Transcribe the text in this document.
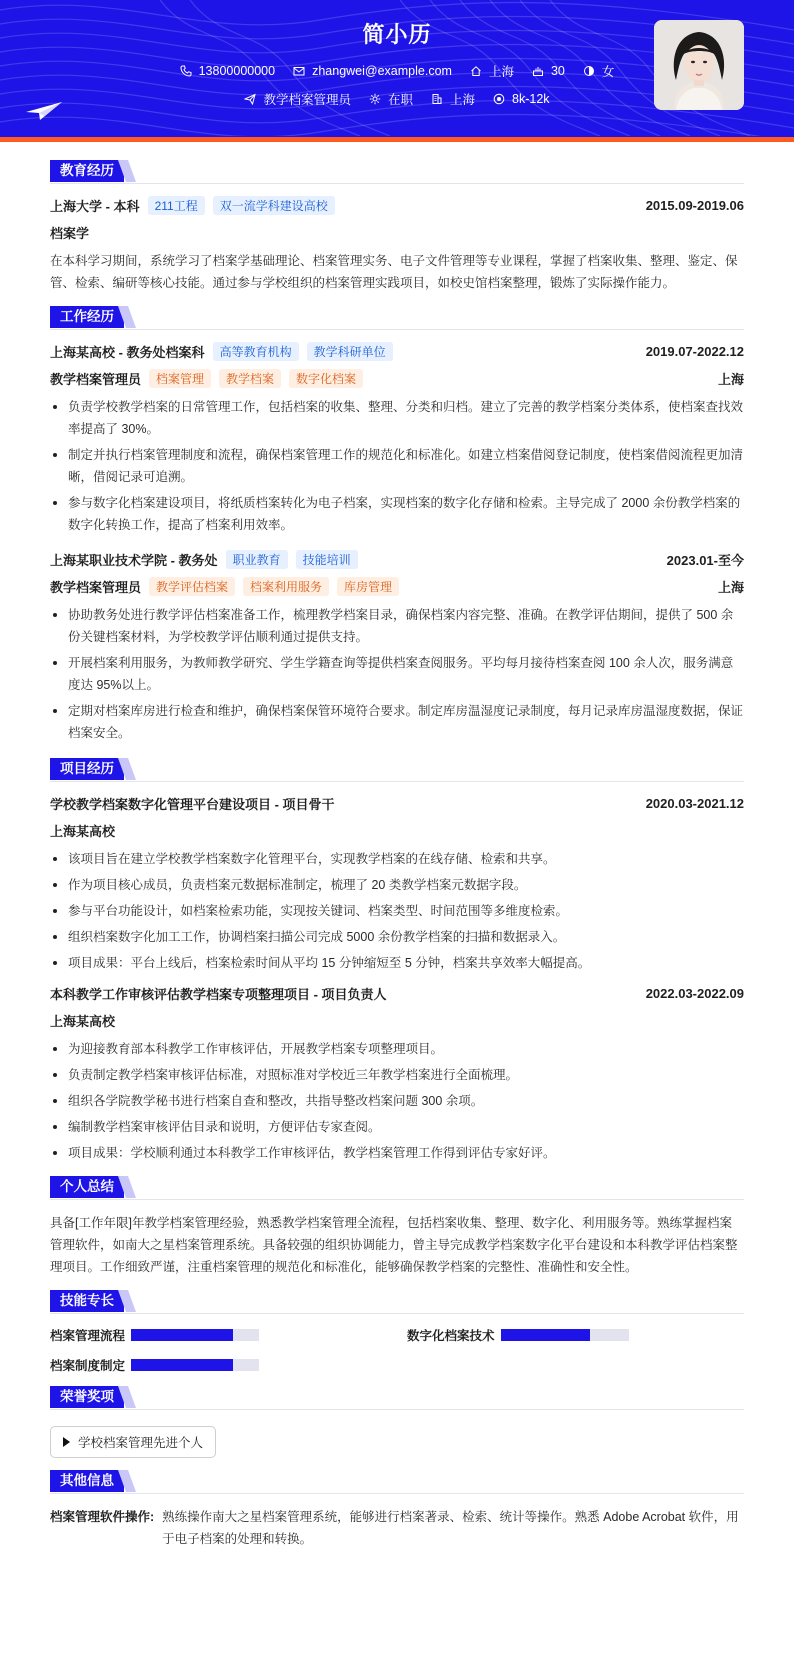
简小历
13800000000	zhangwei@example.com	上海	30	女
教学档案管理员	在职	上海	8k-12k
教育经历
上海大学 - 本科	211工程	双一流学科建设高校	2015.09-2019.06
档案学
在本科学习期间，系统学习了档案学基础理论、档案管理实务、电子文件管理等专业课程，掌握了档案收集、整理、鉴定、保管、检索、编研等核心技能。通过参与学校组织的档案管理实践项目，如校史馆档案整理，锻炼了实际操作能力。
工作经历
上海某高校 - 教务处档案科	高等教育机构	教学科研单位	2019.07-2022.12
教学档案管理员	档案管理	教学档案	数字化档案	上海
负责学校教学档案的日常管理工作，包括档案的收集、整理、分类和归档。建立了完善的教学档案分类体系，使档案查找效率提高了 30%。
制定并执行档案管理制度和流程，确保档案管理工作的规范化和标准化。如建立档案借阅登记制度，使档案借阅流程更加清晰，借阅记录可追溯。
参与数字化档案建设项目，将纸质档案转化为电子档案，实现档案的数字化存储和检索。主导完成了 2000 余份教学档案的数字化转换工作，提高了档案利用效率。
上海某职业技术学院 - 教务处	职业教育	技能培训	2023.01-至今
教学档案管理员	教学评估档案	档案利用服务	库房管理	上海
协助教务处进行教学评估档案准备工作，梳理教学档案目录，确保档案内容完整、准确。在教学评估期间，提供了 500 余份关键档案材料，为学校教学评估顺利通过提供支持。
开展档案利用服务，为教师教学研究、学生学籍查询等提供档案查阅服务。平均每月接待档案查阅 100 余人次，服务满意度达 95%以上。
定期对档案库房进行检查和维护，确保档案保管环境符合要求。制定库房温湿度记录制度，每月记录库房温湿度数据，保证档案安全。
项目经历
学校教学档案数字化管理平台建设项目 - 项目骨干	2020.03-2021.12
上海某高校
该项目旨在建立学校教学档案数字化管理平台，实现教学档案的在线存储、检索和共享。
作为项目核心成员，负责档案元数据标准制定，梳理了 20 类教学档案元数据字段。
参与平台功能设计，如档案检索功能，实现按关键词、档案类型、时间范围等多维度检索。
组织档案数字化加工工作，协调档案扫描公司完成 5000 余份教学档案的扫描和数据录入。
项目成果：平台上线后，档案检索时间从平均 15 分钟缩短至 5 分钟，档案共享效率大幅提高。
本科教学工作审核评估教学档案专项整理项目 - 项目负责人	2022.03-2022.09
上海某高校
为迎接教育部本科教学工作审核评估，开展教学档案专项整理项目。
负责制定教学档案审核评估标准，对照标准对学校近三年教学档案进行全面梳理。
组织各学院教学秘书进行档案自查和整改，共指导整改档案问题 300 余项。
编制教学档案审核评估目录和说明，方便评估专家查阅。
项目成果：学校顺利通过本科教学工作审核评估，教学档案管理工作得到评估专家好评。
个人总结
具备[工作年限]年教学档案管理经验，熟悉教学档案管理全流程，包括档案收集、整理、数字化、利用服务等。熟练掌握档案管理软件，如南大之星档案管理系统。具备较强的组织协调能力，曾主导完成教学档案数字化平台建设和本科教学评估档案整理项目。工作细致严谨，注重档案管理的规范化和标准化，能够确保教学档案的完整性、准确性和安全性。
技能专长
档案管理流程	数字化档案技术
档案制度制定
荣誉奖项
学校档案管理先进个人
其他信息
档案管理软件操作: 熟练操作南大之星档案管理系统，能够进行档案著录、检索、统计等操作。熟悉 Adobe Acrobat 软件，用于电子档案的处理和转换。
